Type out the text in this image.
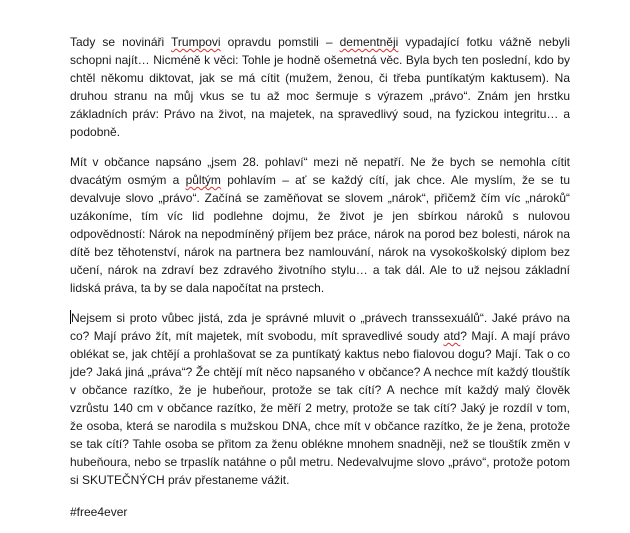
Tady se novináři Trumpovi opravdu pomstili – dementněji vypadající fotku vážně nebyli schopni najít… Nicméně k věci: Tohle je hodně ošemetná věc. Byla bych ten poslední, kdo by chtěl někomu diktovat, jak se má cítit (mužem, ženou, či třeba puntíkatým kaktusem). Na druhou stranu na můj vkus se tu až moc šermuje s výrazem „právo“. Znám jen hrstku základních práv: Právo na život, na majetek, na spravedlivý soud, na fyzickou integritu… a podobně.

Mít v občance napsáno „jsem 28. pohlaví“ mezi ně nepatří. Ne že bych se nemohla cítit dvacátým osmým a půltým pohlavím – ať se každý cítí, jak chce. Ale myslím, že se tu devalvuje slovo „právo“. Začíná se zaměňovat se slovem „nárok“, přičemž čím víc „nároků“ uzákoníme, tím víc lid podlehne dojmu, že život je jen sbírkou nároků s nulovou odpovědností: Nárok na nepodmíněný příjem bez práce, nárok na porod bez bolesti, nárok na dítě bez těhotenství, nárok na partnera bez namlouvání, nárok na vysokoškolský diplom bez učení, nárok na zdraví bez zdravého životního stylu… a tak dál. Ale to už nejsou základní lidská práva, ta by se dala napočítat na prstech.

Nejsem si proto vůbec jistá, zda je správné mluvit o „právech transsexuálů“. Jaké právo na co? Mají právo žít, mít majetek, mít svobodu, mít spravedlivé soudy atd? Mají. A mají právo oblékat se, jak chtějí a prohlašovat se za puntíkatý kaktus nebo fialovou dogu? Mají. Tak o co jde? Jaká jiná „práva“? Že chtějí mít něco napsaného v občance? A nechce mít každý tlouštík v občance razítko, že je hubeňour, protože se tak cítí? A nechce mít každý malý člověk vzrůstu 140 cm v občance razítko, že měří 2 metry, protože se tak cítí? Jaký je rozdíl v tom, že osoba, která se narodila s mužskou DNA, chce mít v občance razítko, že je žena, protože se tak cítí? Tahle osoba se přitom za ženu oblékne mnohem snadněji, než se tlouštík změn v hubeňoura, nebo se trpaslík natáhne o půl metru. Nedevalvujme slovo „právo“, protože potom si SKUTEČNÝCH práv přestaneme vážit.

#free4ever
